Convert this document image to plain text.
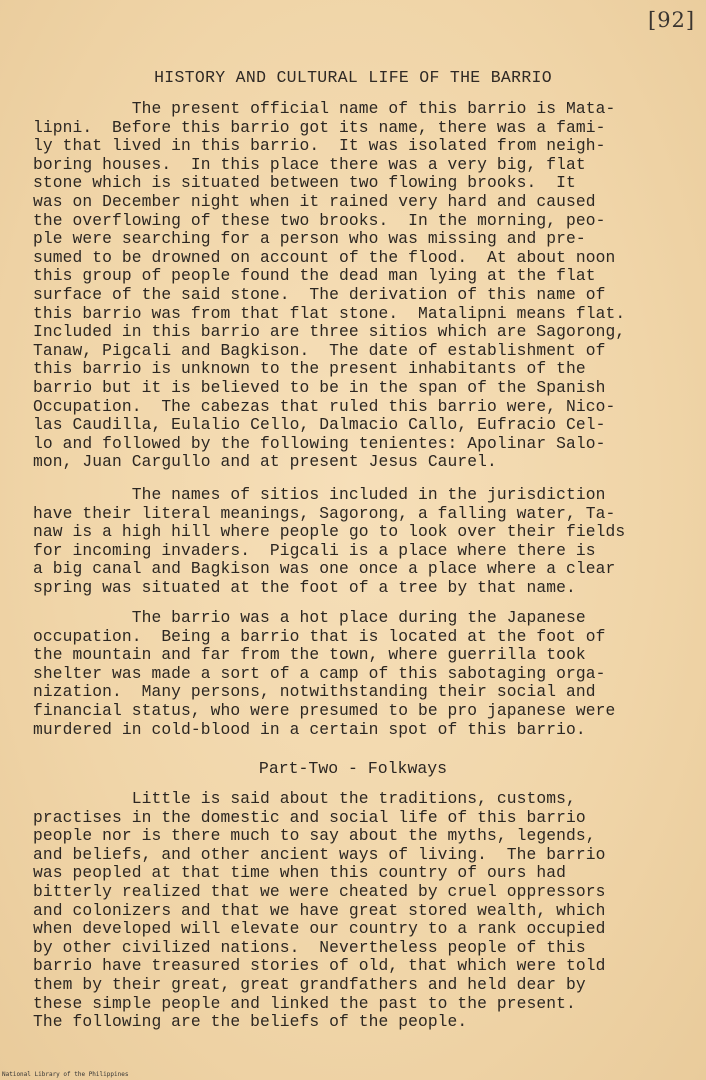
[92]
HISTORY AND CULTURAL LIFE OF THE BARRIO
The present official name of this barrio is Mata-
lipni.  Before this barrio got its name, there was a fami-
ly that lived in this barrio.  It was isolated from neigh-
boring houses.  In this place there was a very big, flat
stone which is situated between two flowing brooks.  It
was on December night when it rained very hard and caused
the overflowing of these two brooks.  In the morning, peo-
ple were searching for a person who was missing and pre-
sumed to be drowned on account of the flood.  At about noon
this group of people found the dead man lying at the flat
surface of the said stone.  The derivation of this name of
this barrio was from that flat stone.  Matalipni means flat.
Included in this barrio are three sitios which are Sagorong,
Tanaw, Pigcali and Bagkison.  The date of establishment of
this barrio is unknown to the present inhabitants of the
barrio but it is believed to be in the span of the Spanish
Occupation.  The cabezas that ruled this barrio were, Nico-
las Caudilla, Eulalio Cello, Dalmacio Callo, Eufracio Cel-
lo and followed by the following tenientes: Apolinar Salo-
mon, Juan Cargullo and at present Jesus Caurel.
The names of sitios included in the jurisdiction
have their literal meanings, Sagorong, a falling water, Ta-
naw is a high hill where people go to look over their fields
for incoming invaders.  Pigcali is a place where there is
a big canal and Bagkison was one once a place where a clear
spring was situated at the foot of a tree by that name.
The barrio was a hot place during the Japanese
occupation.  Being a barrio that is located at the foot of
the mountain and far from the town, where guerrilla took
shelter was made a sort of a camp of this sabotaging orga-
nization.  Many persons, notwithstanding their social and
financial status, who were presumed to be pro japanese were
murdered in cold-blood in a certain spot of this barrio.
Part-Two - Folkways
Little is said about the traditions, customs,
practises in the domestic and social life of this barrio
people nor is there much to say about the myths, legends,
and beliefs, and other ancient ways of living.  The barrio
was peopled at that time when this country of ours had
bitterly realized that we were cheated by cruel oppressors
and colonizers and that we have great stored wealth, which
when developed will elevate our country to a rank occupied
by other civilized nations.  Nevertheless people of this
barrio have treasured stories of old, that which were told
them by their great, great grandfathers and held dear by
these simple people and linked the past to the present.
The following are the beliefs of the people.
National Library of the Philippines
